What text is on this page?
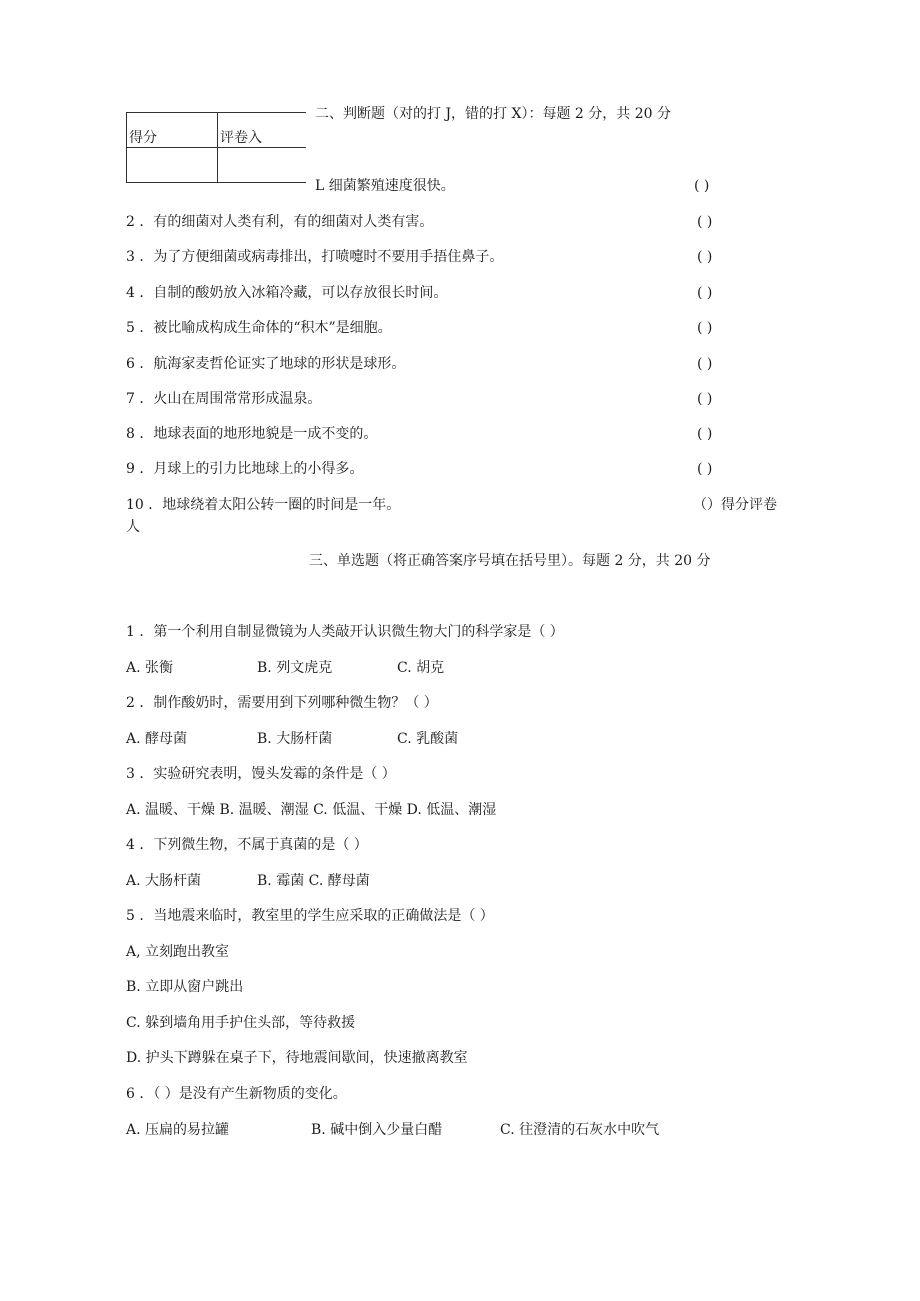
得分	评卷入

二、判断题（对的打 J，错的打 X）：每题 2 分，共 20 分
L 细菌繁殖速度很快。	( )
2 ．有的细菌对人类有利，有的细菌对人类有害。	( )
3 ．为了方便细菌或病毒排出，打喷嚏时不要用手捂住鼻子。	( )
4 ．自制的酸奶放入冰箱冷藏，可以存放很长时间。	( )
5 ．被比喻成构成生命体的“积木”是细胞。	( )
6 ．航海家麦哲伦证实了地球的形状是球形。	( )
7 ．火山在周围常常形成温泉。	( )
8 ．地球表面的地形地貌是一成不变的。	( )
9 ．月球上的引力比地球上的小得多。	( )
10 ．地球绕着太阳公转一圈的时间是一年。	（）得分评卷
人
三、单选题（将正确答案序号填在括号里）。每题 2 分，共 20 分
1 ．第一个利用自制显微镜为人类敲开认识微生物大门的科学家是（ ）
A. 张衡	B. 列文虎克	C. 胡克
2 ．制作酸奶时，需要用到下列哪种微生物？（ ）
A. 酵母菌	B. 大肠杆菌	C. 乳酸菌
3 ．实验研究表明，馒头发霉的条件是（ ）
A. 温暖、干燥 B. 温暖、潮湿 C. 低温、干燥 D. 低温、潮湿
4 ．下列微生物，不属于真菌的是（ ）
A. 大肠杆菌	B. 霉菌 C. 酵母菌
5 ．当地震来临时，教室里的学生应采取的正确做法是（ ）
A, 立刻跑出教室
B. 立即从窗户跳出
C. 躲到墙角用手护住头部，等待救援
D. 护头下蹲躲在桌子下，待地震间歇间，快速撤离教室
6 ．（ ）是没有产生新物质的变化。
A. 压扁的易拉罐	B. 碱中倒入少量白醋	C. 往澄清的石灰水中吹气
